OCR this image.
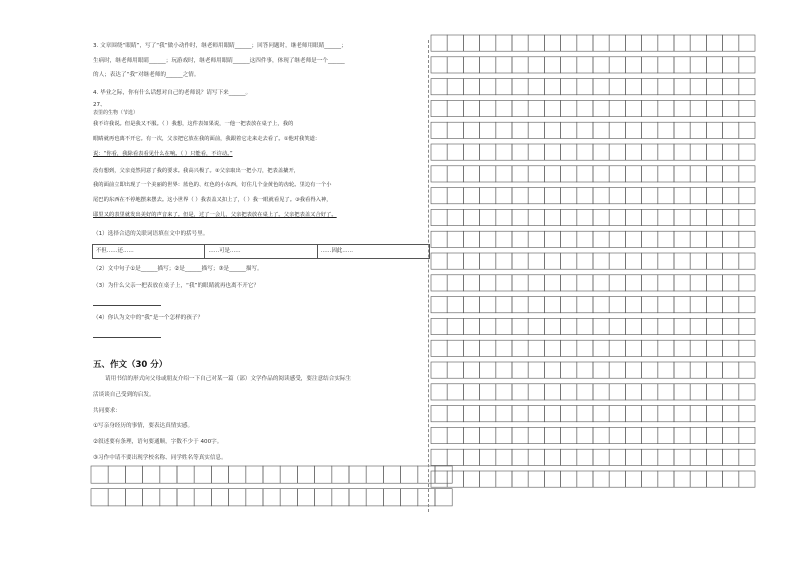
3. 文章围绕“眼睛”，写了“我”做小动作时，继老师用眼睛______；回答问题时，继老师用眼睛______；
生病时，继老师用眼睛______；玩游戏时，继老师用眼睛______这四件事，体现了继老师是一个______
的人；表达了“我”对继老师的______之情。
4. 毕业之际，你有什么话想对自己的老师说？请写下来______。
27、
表里的生物（节选）
我不许我说。但是我又不服。（ ）我想，这件表如果说，一他一把表放在桌子上，我的
眼睛就再也离不开它。有一次，父亲把它放在我的面前，我跟着它走来走去看了。①他对我笑道：
说：“你看，我除看表看见什么在响。（ ）只能看，不许动。”
没有想到，父亲竟然同意了我的要求。我高兴极了。②父亲取出一把小刀，把表盖撬开，
我的面前立即出现了一个美丽的世界：蓝色的、红色的小东西，钉住几个金黄色的齿轮。里边有一个小
尾巴的东西在不停地摆来摆去。这小世界（ ）我表盖又扣上了，（ ）我一眼就看见了。③我看得入神，
耶里又的表里就发出美好的声音来了。但是，过了一会儿，父亲把表放在桌上了。父亲把表盖又合好了。
（1）选择合适的关联词语填在文中的括号里。
不但……还……	……可是……	……因此……
（2）文中句子①是______描写；②是______描写；③是______描写。
（3）为什么父亲一把表放在桌子上，“我”的眼睛就再也离不开它？
（4）你认为文中的“我”是一个怎样的孩子？
五、作文（30 分）
请用书信的形式向父母或朋友介绍一下自己对某一篇（部）文学作品的阅读感受，要注意结合实际生
活谈谈自己受到的启发。
共同要求：
①写亲身经历的事情，要表达真情实感。
②叙述要有条理，语句要通顺，字数不少于 400字。
③习作中请不要出现学校名称、同学姓名等真实信息。
